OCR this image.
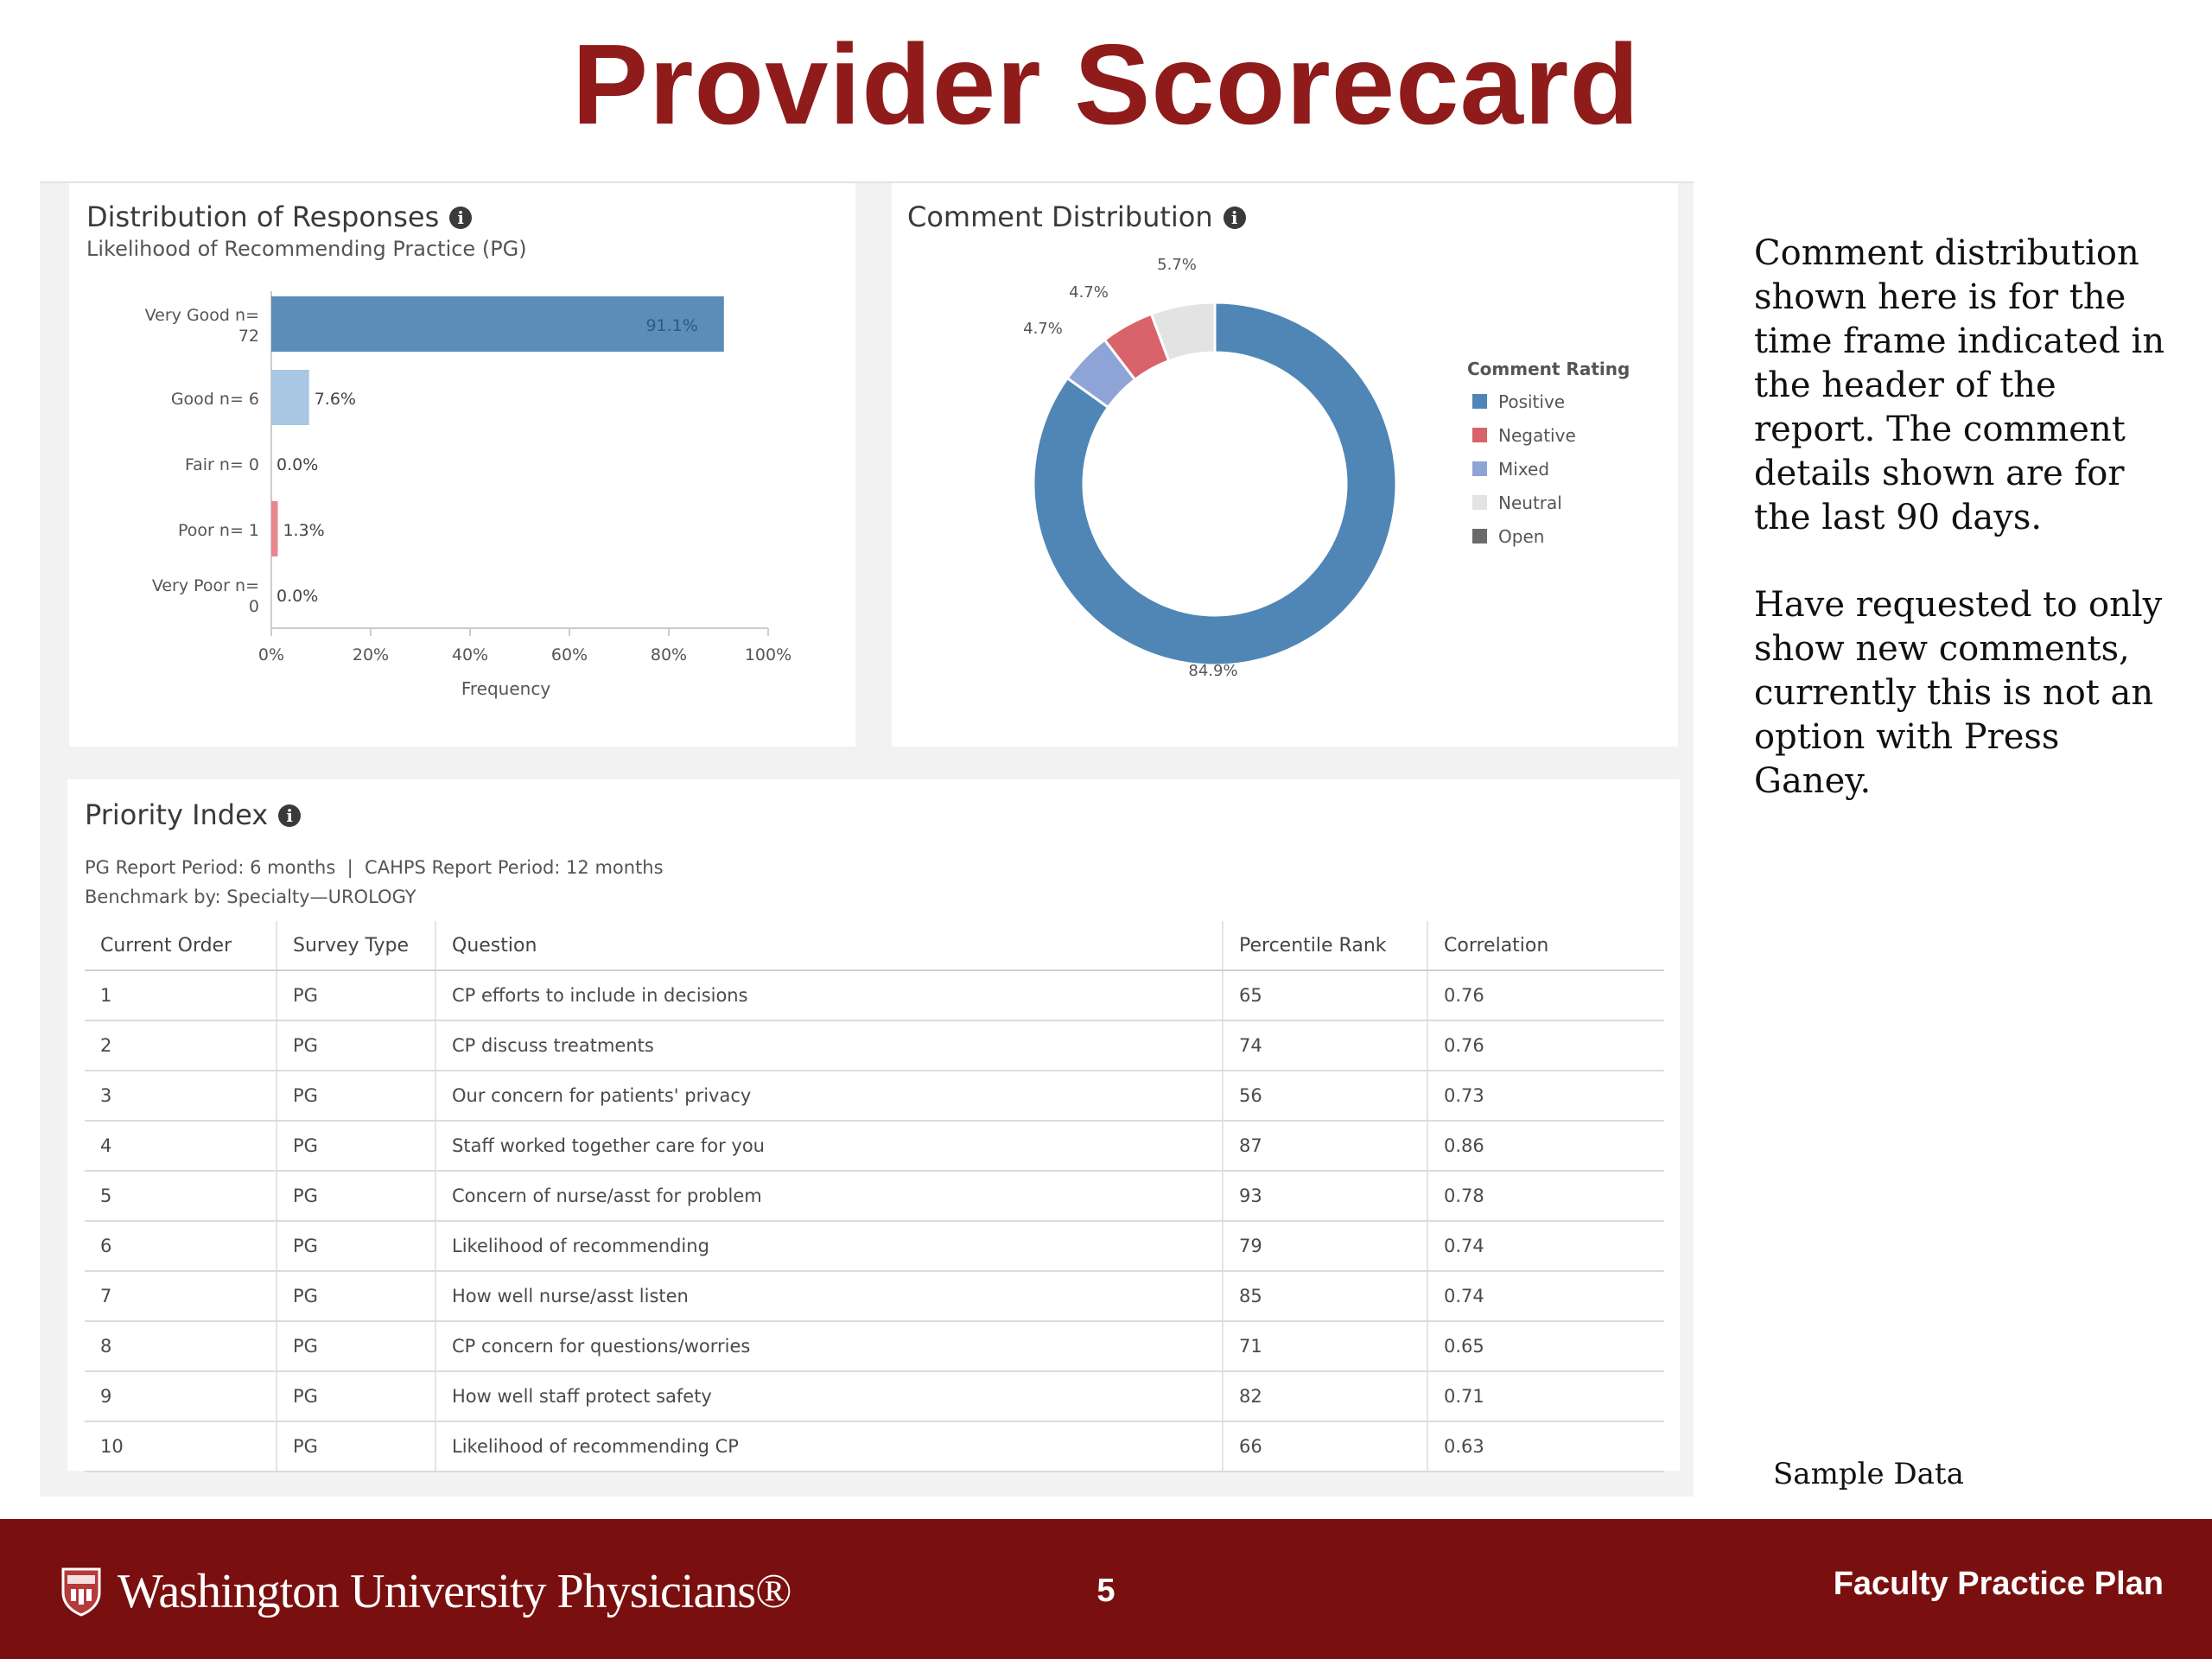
Provider Scorecard
Distribution of Responses i
Likelihood of Recommending Practice (PG)
Very Good n=
72
91.1%
Good n= 6	7.6%
Fair n= 0 0.0%
Poor n= 1 1.3%
Very Poor n=
0
0.0%
0%	20%	40%	60%	80%	100%
Frequency
Comment Distribution i
84.9%
4.7%
4.7%
5.7%
Comment Rating
Positive
Negative
Mixed
Neutral
Open
Priority Index i
PG Report Period: 6 months  |  CAHPS Report Period: 12 months
Benchmark by: Specialty—UROLOGY
Current Order	Survey Type	Question	Percentile Rank	Correlation
1	PG	CP efforts to include in decisions	65	0.76
2	PG	CP discuss treatments	74	0.76
3	PG	Our concern for patients' privacy	56	0.73
4	PG	Staff worked together care for you	87	0.86
5	PG	Concern of nurse/asst for problem	93	0.78
6	PG	Likelihood of recommending	79	0.74
7	PG	How well nurse/asst listen	85	0.74
8	PG	CP concern for questions/worries	71	0.65
9	PG	How well staff protect safety	82	0.71
10	PG	Likelihood of recommending CP	66	0.63

Comment distribution shown here is for the time frame indicated in the header of the report. The comment details shown are for the last 90 days.

Have requested to only show new comments, currently this is not an option with Press Ganey.

Sample Data
Washington University Physicians®	5	Faculty Practice Plan
